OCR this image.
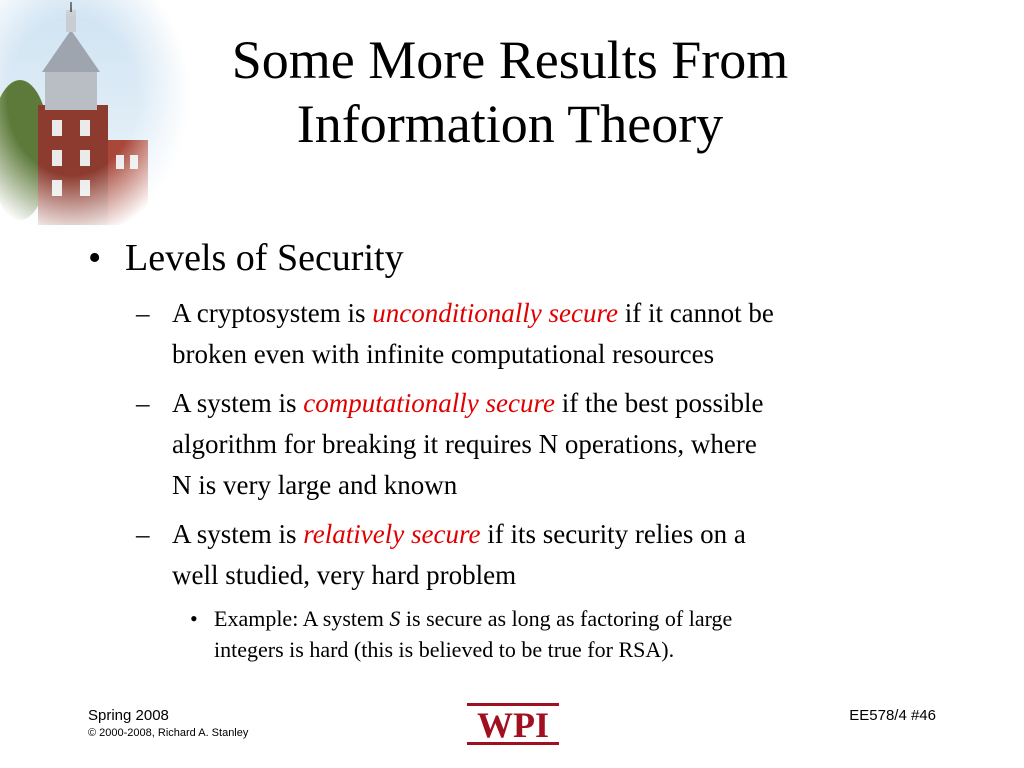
Some More Results From
Information Theory
• Levels of Security
– A cryptosystem is unconditionally secure if it cannot be
broken even with infinite computational resources
– A system is computationally secure if the best possible
algorithm for breaking it requires N operations, where
N is very large and known
– A system is relatively secure if its security relies on a
well studied, very hard problem
• Example: A system S is secure as long as factoring of large
integers is hard (this is believed to be true for RSA).
Spring 2008
© 2000-2008, Richard A. Stanley	WPI	EE578/4 #46
